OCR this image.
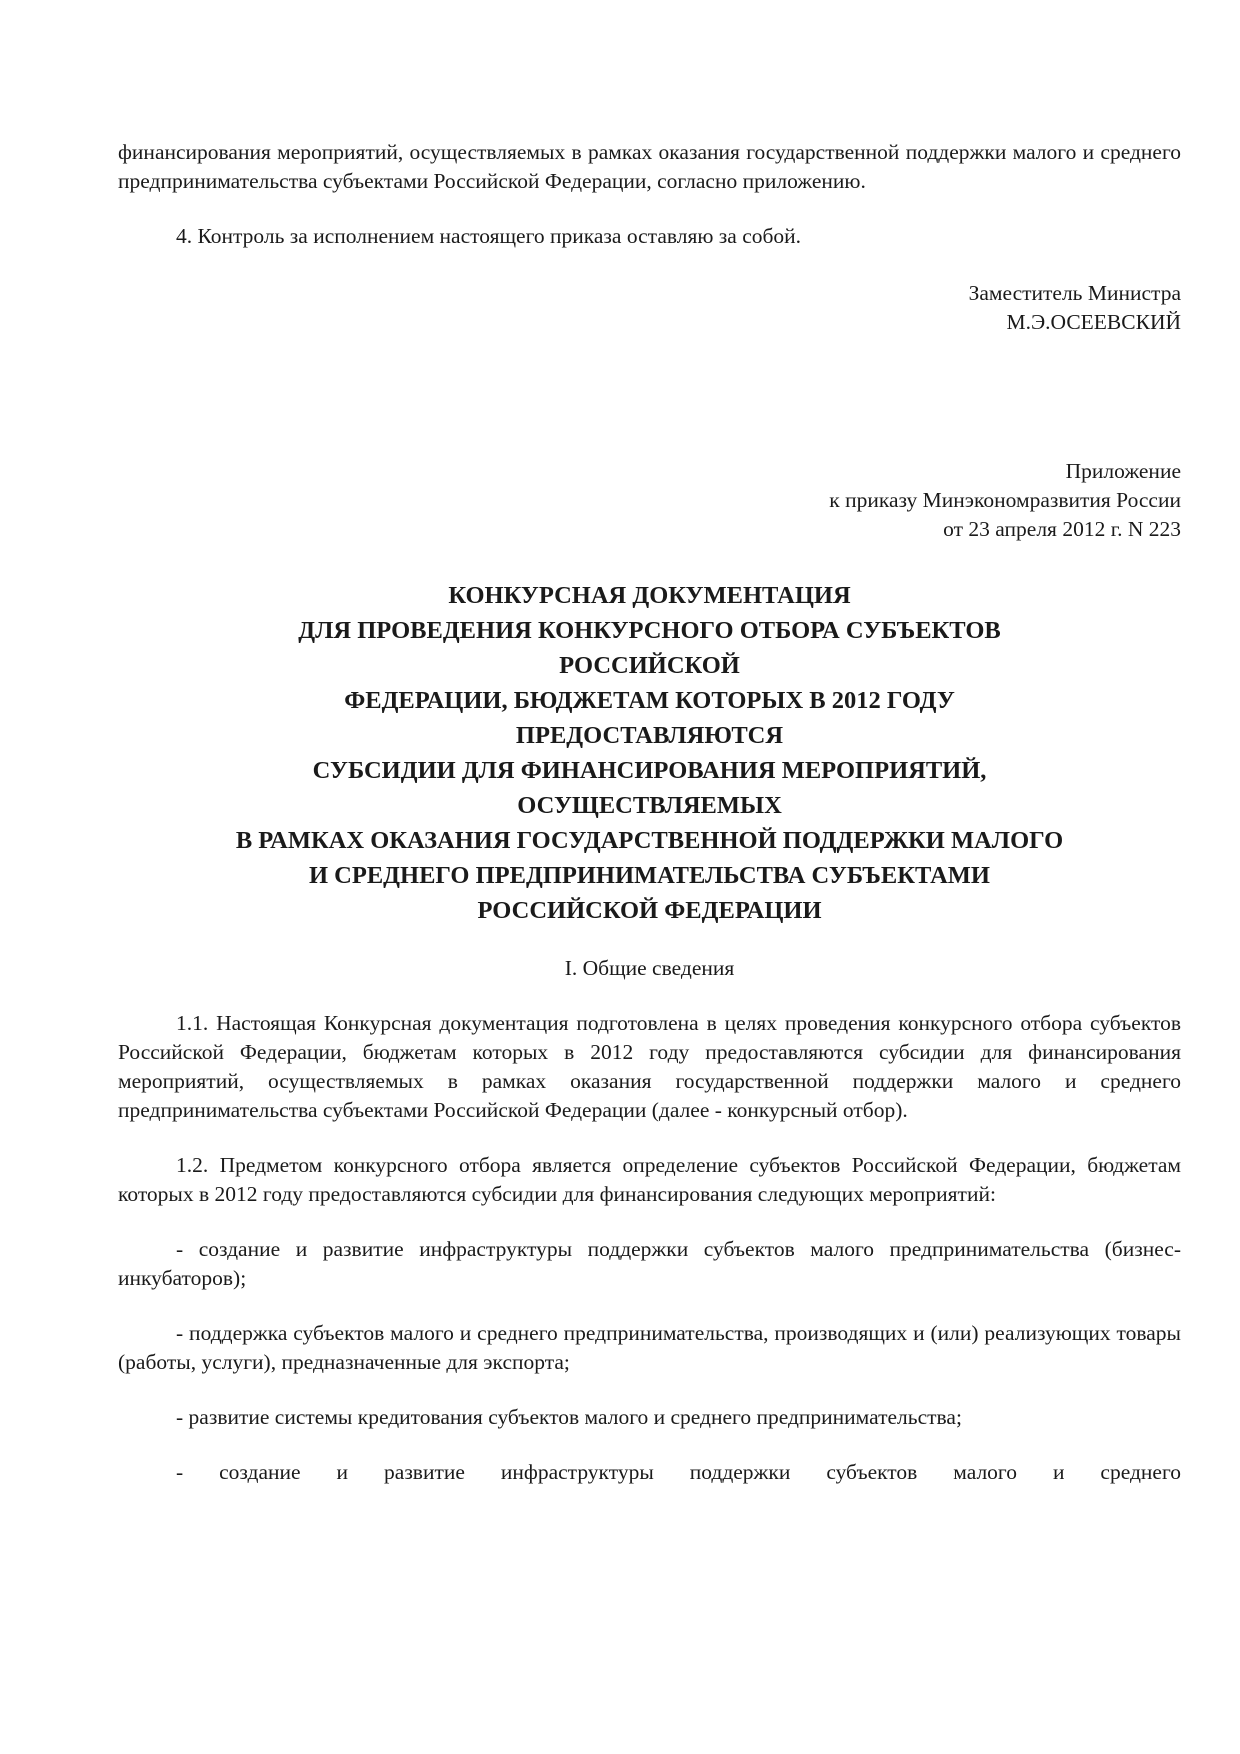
финансирования мероприятий, осуществляемых в рамках оказания государственной поддержки малого и среднего предпринимательства субъектами Российской Федерации, согласно приложению.

4. Контроль за исполнением настоящего приказа оставляю за собой.

Заместитель Министра

М.Э.ОСЕЕВСКИЙ

Приложение

к приказу Минэкономразвития России

от 23 апреля 2012 г. N 223

КОНКУРСНАЯ ДОКУМЕНТАЦИЯ
ДЛЯ ПРОВЕДЕНИЯ КОНКУРСНОГО ОТБОРА СУБЪЕКТОВ
РОССИЙСКОЙ
ФЕДЕРАЦИИ, БЮДЖЕТАМ КОТОРЫХ В 2012 ГОДУ
ПРЕДОСТАВЛЯЮТСЯ
СУБСИДИИ ДЛЯ ФИНАНСИРОВАНИЯ МЕРОПРИЯТИЙ,
ОСУЩЕСТВЛЯЕМЫХ
В РАМКАХ ОКАЗАНИЯ ГОСУДАРСТВЕННОЙ ПОДДЕРЖКИ МАЛОГО
И СРЕДНЕГО ПРЕДПРИНИМАТЕЛЬСТВА СУБЪЕКТАМИ
РОССИЙСКОЙ ФЕДЕРАЦИИ

I. Общие сведения

1.1. Настоящая Конкурсная документация подготовлена в целях проведения конкурсного отбора субъектов Российской Федерации, бюджетам которых в 2012 году предоставляются субсидии для финансирования мероприятий, осуществляемых в рамках оказания государственной поддержки малого и среднего предпринимательства субъектами Российской Федерации (далее - конкурсный отбор).

1.2. Предметом конкурсного отбора является определение субъектов Российской Федерации, бюджетам которых в 2012 году предоставляются субсидии для финансирования следующих мероприятий:

- создание и развитие инфраструктуры поддержки субъектов малого предпринимательства (бизнес-инкубаторов);

- поддержка субъектов малого и среднего предпринимательства, производящих и (или) реализующих товары (работы, услуги), предназначенные для экспорта;

- развитие системы кредитования субъектов малого и среднего предпринимательства;

- создание и развитие инфраструктуры поддержки субъектов малого и среднего
